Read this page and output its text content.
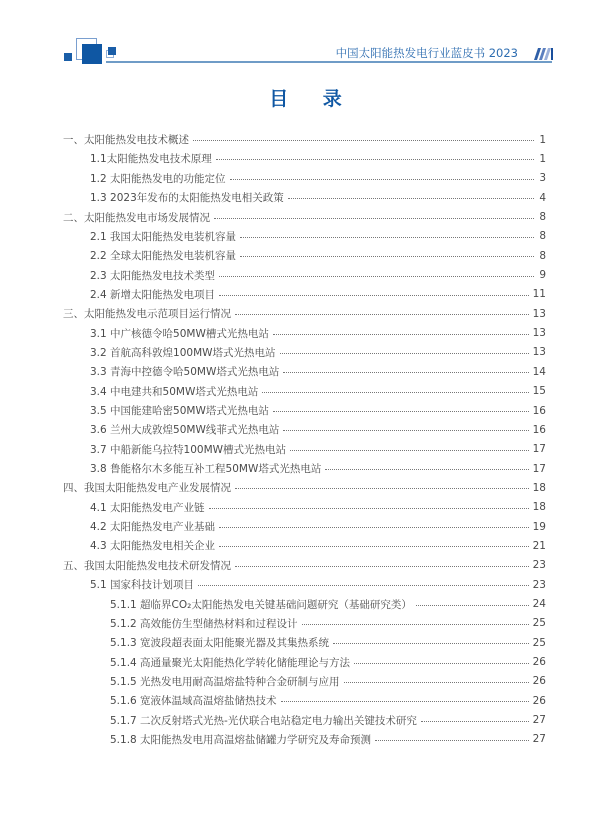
中国太阳能热发电行业蓝皮书 2023
目 录
一、太阳能热发电技术概述	1
1.1太阳能热发电技术原理	1
1.2 太阳能热发电的功能定位	3
1.3 2023年发布的太阳能热发电相关政策	4
二、太阳能热发电市场发展情况	8
2.1 我国太阳能热发电装机容量	8
2.2 全球太阳能热发电装机容量	8
2.3 太阳能热发电技术类型	9
2.4 新增太阳能热发电项目	11
三、太阳能热发电示范项目运行情况	13
3.1 中广核德令哈50MW槽式光热电站	13
3.2 首航高科敦煌100MW塔式光热电站	13
3.3 青海中控德令哈50MW塔式光热电站	14
3.4 中电建共和50MW塔式光热电站	15
3.5 中国能建哈密50MW塔式光热电站	16
3.6 兰州大成敦煌50MW线菲式光热电站	16
3.7 中船新能乌拉特100MW槽式光热电站	17
3.8 鲁能格尔木多能互补工程50MW塔式光热电站	17
四、我国太阳能热发电产业发展情况	18
4.1 太阳能热发电产业链	18
4.2 太阳能热发电产业基础	19
4.3 太阳能热发电相关企业	21
五、我国太阳能热发电技术研发情况	23
5.1 国家科技计划项目	23
5.1.1 超临界CO₂太阳能热发电关键基础问题研究（基础研究类）	24
5.1.2 高效能仿生型储热材料和过程设计	25
5.1.3 宽波段超表面太阳能聚光器及其集热系统	25
5.1.4 高通量聚光太阳能热化学转化储能理论与方法	26
5.1.5 光热发电用耐高温熔盐特种合金研制与应用	26
5.1.6 宽液体温域高温熔盐储热技术	26
5.1.7 二次反射塔式光热-光伏联合电站稳定电力输出关键技术研究	27
5.1.8 太阳能热发电用高温熔盐储罐力学研究及寿命预测	27
